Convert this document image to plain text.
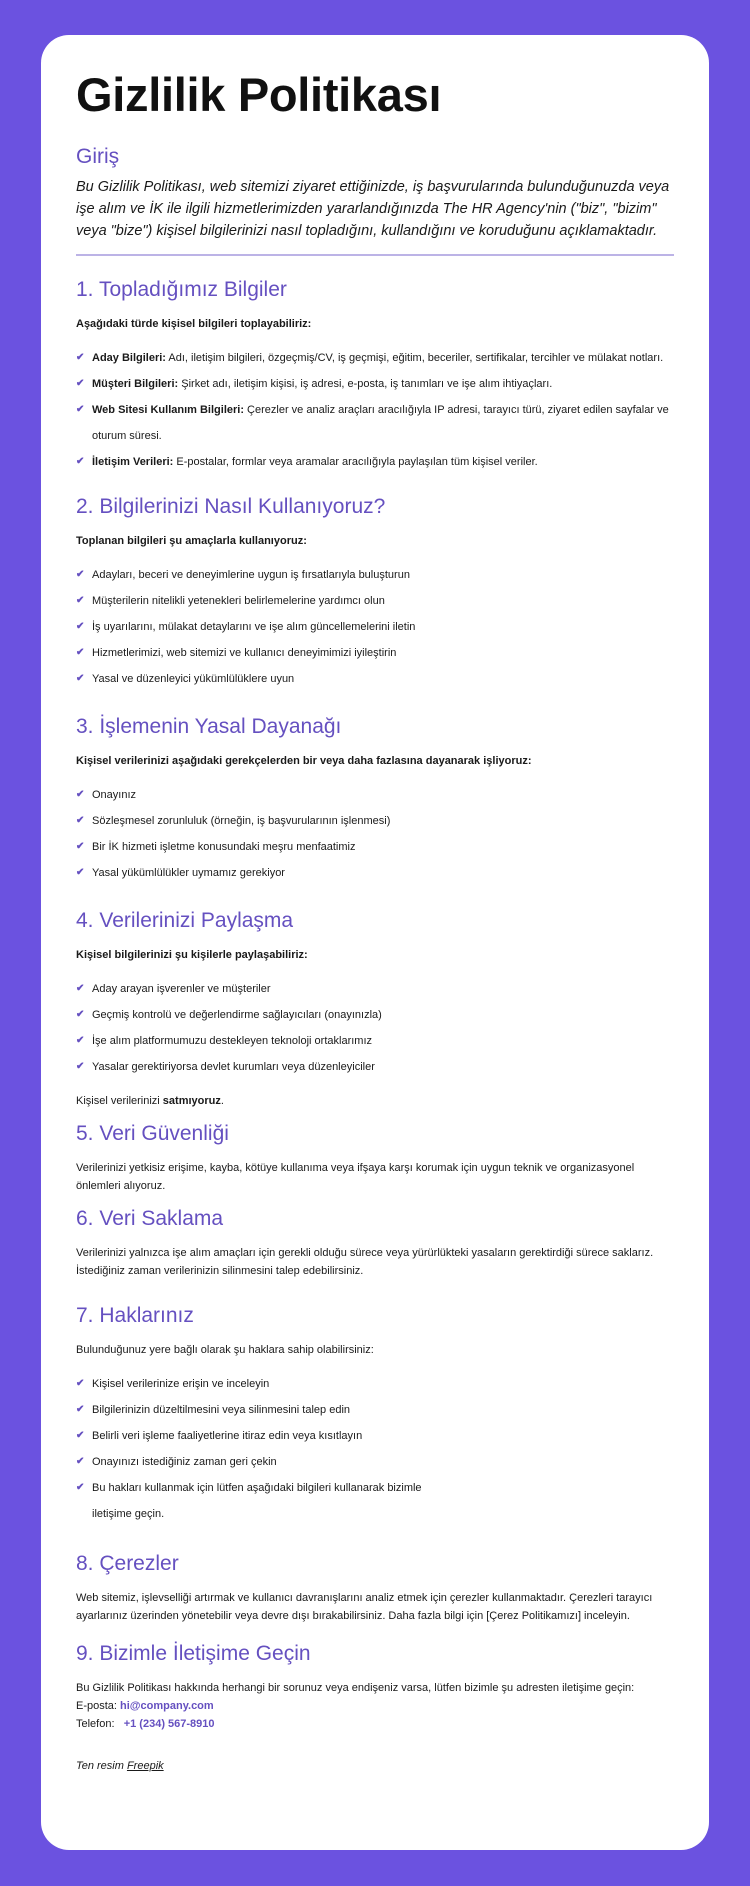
Gizlilik Politikası
Giriş

Bu Gizlilik Politikası, web sitemizi ziyaret ettiğinizde, iş başvurularında bulunduğunuzda veya işe alım ve İK ile ilgili hizmetlerimizden yararlandığınızda The HR Agency'nin ("biz", "bizim" veya "bize") kişisel bilgilerinizi nasıl topladığını, kullandığını ve koruduğunu açıklamaktadır.

1. Topladığımız Bilgiler

Aşağıdaki türde kişisel bilgileri toplayabiliriz:

✔ Aday Bilgileri: Adı, iletişim bilgileri, özgeçmiş/CV, iş geçmişi, eğitim, beceriler, sertifikalar, tercihler ve mülakat notları.
✔ Müşteri Bilgileri: Şirket adı, iletişim kişisi, iş adresi, e-posta, iş tanımları ve işe alım ihtiyaçları.
✔ Web Sitesi Kullanım Bilgileri: Çerezler ve analiz araçları aracılığıyla IP adresi, tarayıcı türü, ziyaret edilen sayfalar ve oturum süresi.
✔ İletişim Verileri: E-postalar, formlar veya aramalar aracılığıyla paylaşılan tüm kişisel veriler.
2. Bilgilerinizi Nasıl Kullanıyoruz?

Toplanan bilgileri şu amaçlarla kullanıyoruz:

✔ Adayları, beceri ve deneyimlerine uygun iş fırsatlarıyla buluşturun
✔ Müşterilerin nitelikli yetenekleri belirlemelerine yardımcı olun
✔ İş uyarılarını, mülakat detaylarını ve işe alım güncellemelerini iletin
✔ Hizmetlerimizi, web sitemizi ve kullanıcı deneyimimizi iyileştirin
✔ Yasal ve düzenleyici yükümlülüklere uyun
3. İşlemenin Yasal Dayanağı

Kişisel verilerinizi aşağıdaki gerekçelerden bir veya daha fazlasına dayanarak işliyoruz:

✔ Onayınız
✔ Sözleşmesel zorunluluk (örneğin, iş başvurularının işlenmesi)
✔ Bir İK hizmeti işletme konusundaki meşru menfaatimiz
✔ Yasal yükümlülükler uymamız gerekiyor
4. Verilerinizi Paylaşma

Kişisel bilgilerinizi şu kişilerle paylaşabiliriz:

✔ Aday arayan işverenler ve müşteriler
✔ Geçmiş kontrolü ve değerlendirme sağlayıcıları (onayınızla)
✔ İşe alım platformumuzu destekleyen teknoloji ortaklarımız
✔ Yasalar gerektiriyorsa devlet kurumları veya düzenleyiciler

Kişisel verilerinizi satmıyoruz.

5. Veri Güvenliği

Verilerinizi yetkisiz erişime, kayba, kötüye kullanıma veya ifşaya karşı korumak için uygun teknik ve organizasyonel önlemleri alıyoruz.

6. Veri Saklama

Verilerinizi yalnızca işe alım amaçları için gerekli olduğu sürece veya yürürlükteki yasaların gerektirdiği sürece saklarız. İstediğiniz zaman verilerinizin silinmesini talep edebilirsiniz.

7. Haklarınız

Bulunduğunuz yere bağlı olarak şu haklara sahip olabilirsiniz:

✔ Kişisel verilerinize erişin ve inceleyin
✔ Bilgilerinizin düzeltilmesini veya silinmesini talep edin
✔ Belirli veri işleme faaliyetlerine itiraz edin veya kısıtlayın
✔ Onayınızı istediğiniz zaman geri çekin
✔ Bu hakları kullanmak için lütfen aşağıdaki bilgileri kullanarak bizimle iletişime geçin.
8. Çerezler

Web sitemiz, işlevselliği artırmak ve kullanıcı davranışlarını analiz etmek için çerezler kullanmaktadır. Çerezleri tarayıcı ayarlarınız üzerinden yönetebilir veya devre dışı bırakabilirsiniz. Daha fazla bilgi için [Çerez Politikamızı] inceleyin.

9. Bizimle İletişime Geçin

Bu Gizlilik Politikası hakkında herhangi bir sorunuz veya endişeniz varsa, lütfen bizimle şu adresten iletişime geçin:
E-posta: hi@company.com
Telefon:   +1 (234) 567-8910

Ten resim Freepik
